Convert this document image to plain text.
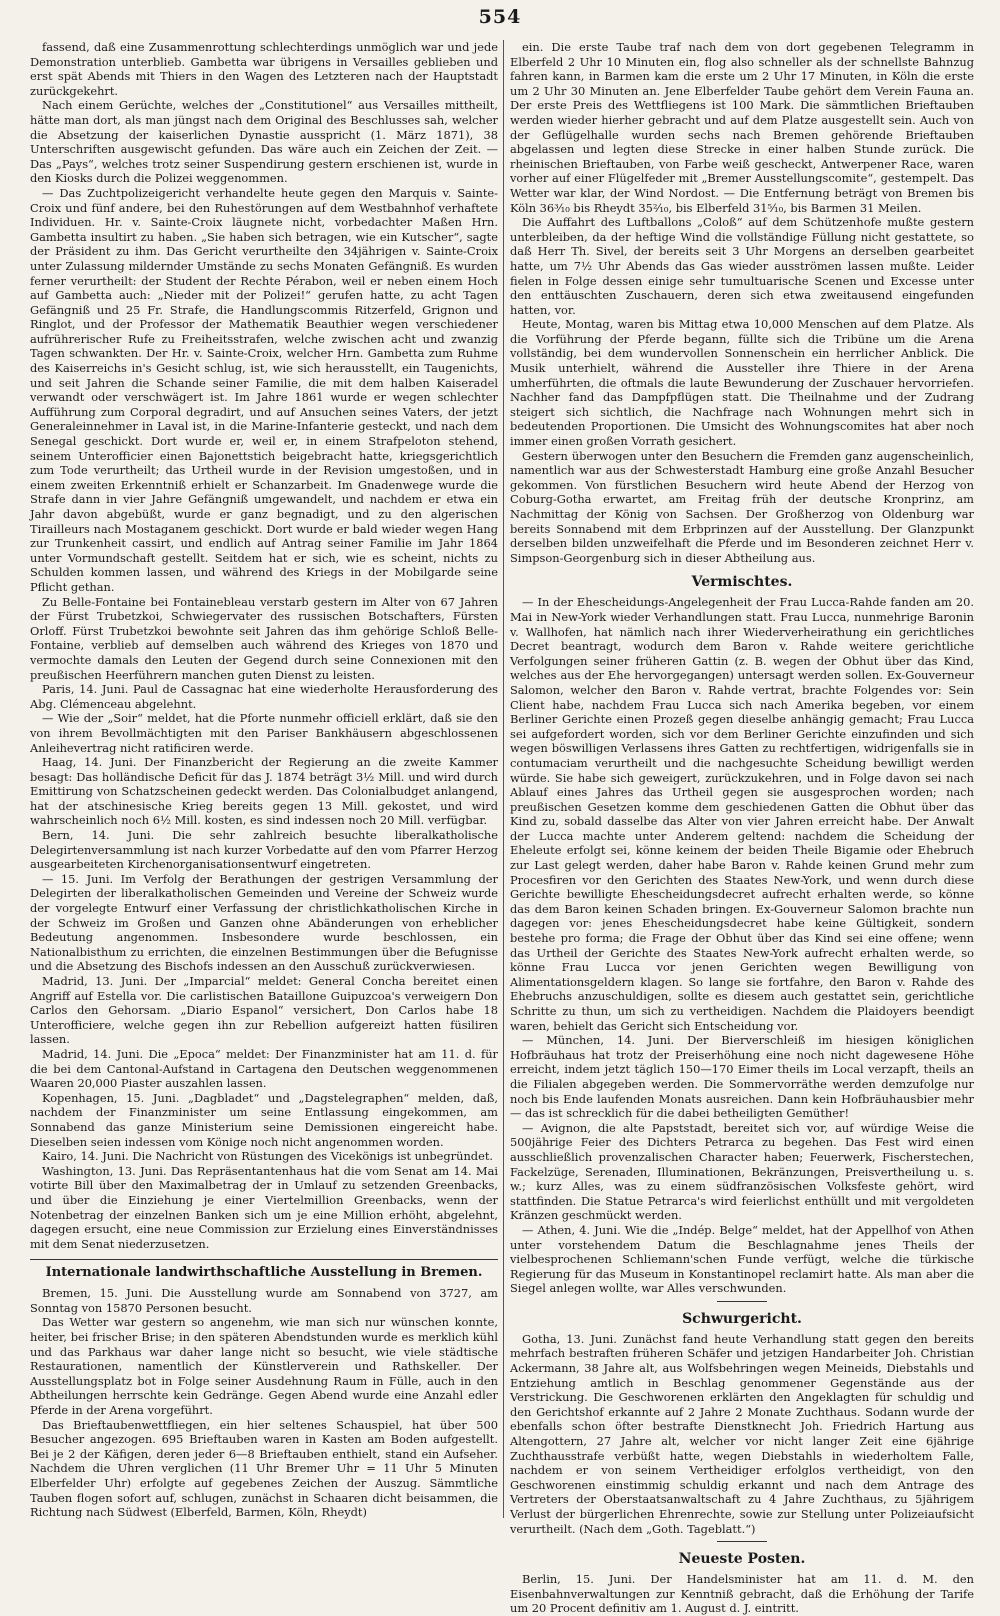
554

fassend, daß eine Zusammenrottung schlechterdings unmöglich war und jede Demonstration unterblieb. Gambetta war übrigens in Versailles geblieben und erst spät Abends mit Thiers in den Wagen des Letzteren nach der Hauptstadt zurückgekehrt.

Nach einem Gerüchte, welches der „Constitutionel“ aus Versailles mittheilt, hätte man dort, als man jüngst nach dem Original des Beschlusses sah, welcher die Absetzung der kaiserlichen Dynastie ausspricht (1. März 1871), 38 Unterschriften ausgewischt gefunden. Das wäre auch ein Zeichen der Zeit. — Das „Pays“, welches trotz seiner Suspendirung gestern erschienen ist, wurde in den Kiosks durch die Polizei weggenommen.

— Das Zuchtpolizeigericht verhandelte heute gegen den Marquis v. Sainte-Croix und fünf andere, bei den Ruhestörungen auf dem Westbahnhof verhaftete Individuen. Hr. v. Sainte-Croix läugnete nicht, vorbedachter Maßen Hrn. Gambetta insultirt zu haben. „Sie haben sich betragen, wie ein Kutscher“, sagte der Präsident zu ihm. Das Gericht verurtheilte den 34jährigen v. Sainte-Croix unter Zulassung mildernder Umstände zu sechs Monaten Gefängniß. Es wurden ferner verurtheilt: der Student der Rechte Pérabon, weil er neben einem Hoch auf Gambetta auch: „Nieder mit der Polizei!“ gerufen hatte, zu acht Tagen Gefängniß und 25 Fr. Strafe, die Handlungscommis Ritzerfeld, Grignon und Ringlot, und der Professor der Mathematik Beauthier wegen verschiedener aufrührerischer Rufe zu Freiheitsstrafen, welche zwischen acht und zwanzig Tagen schwankten. Der Hr. v. Sainte-Croix, welcher Hrn. Gambetta zum Ruhme des Kaiserreichs in's Gesicht schlug, ist, wie sich herausstellt, ein Taugenichts, und seit Jahren die Schande seiner Familie, die mit dem halben Kaiseradel verwandt oder verschwägert ist. Im Jahre 1861 wurde er wegen schlechter Aufführung zum Corporal degradirt, und auf Ansuchen seines Vaters, der jetzt Generaleinnehmer in Laval ist, in die Marine-Infanterie gesteckt, und nach dem Senegal geschickt. Dort wurde er, weil er, in einem Strafpeloton stehend, seinem Unterofficier einen Bajonettstich beigebracht hatte, kriegsgerichtlich zum Tode verurtheilt; das Urtheil wurde in der Revision umgestoßen, und in einem zweiten Erkenntniß erhielt er Schanzarbeit. Im Gnadenwege wurde die Strafe dann in vier Jahre Gefängniß umgewandelt, und nachdem er etwa ein Jahr davon abgebüßt, wurde er ganz begnadigt, und zu den algerischen Tirailleurs nach Mostaganem geschickt. Dort wurde er bald wieder wegen Hang zur Trunkenheit cassirt, und endlich auf Antrag seiner Familie im Jahr 1864 unter Vormundschaft gestellt. Seitdem hat er sich, wie es scheint, nichts zu Schulden kommen lassen, und während des Kriegs in der Mobilgarde seine Pflicht gethan.

Zu Belle-Fontaine bei Fontainebleau verstarb gestern im Alter von 67 Jahren der Fürst Trubetzkoi, Schwiegervater des russischen Botschafters, Fürsten Orloff. Fürst Trubetzkoi bewohnte seit Jahren das ihm gehörige Schloß Belle-Fontaine, verblieb auf demselben auch während des Krieges von 1870 und vermochte damals den Leuten der Gegend durch seine Connexionen mit den preußischen Heerführern manchen guten Dienst zu leisten.

Paris, 14. Juni. Paul de Cassagnac hat eine wiederholte Herausforderung des Abg. Clémenceau abgelehnt.

— Wie der „Soir“ meldet, hat die Pforte nunmehr officiell erklärt, daß sie den von ihrem Bevollmächtigten mit den Pariser Bankhäusern abgeschlossenen Anleihevertrag nicht ratificiren werde.

Haag, 14. Juni. Der Finanzbericht der Regierung an die zweite Kammer besagt: Das holländische Deficit für das J. 1874 beträgt 3½ Mill. und wird durch Emittirung von Schatzscheinen gedeckt werden. Das Colonialbudget anlangend, hat der atschinesische Krieg bereits gegen 13 Mill. gekostet, und wird wahrscheinlich noch 6½ Mill. kosten, es sind indessen noch 20 Mill. verfügbar.

Bern, 14. Juni. Die sehr zahlreich besuchte liberalkatholische Delegirtenversammlung ist nach kurzer Vorbedatte auf den vom Pfarrer Herzog ausgearbeiteten Kirchenorganisationsentwurf eingetreten.

— 15. Juni. Im Verfolg der Berathungen der gestrigen Versammlung der Delegirten der liberalkatholischen Gemeinden und Vereine der Schweiz wurde der vorgelegte Entwurf einer Verfassung der christlichkatholischen Kirche in der Schweiz im Großen und Ganzen ohne Abänderungen von erheblicher Bedeutung angenommen. Insbesondere wurde beschlossen, ein Nationalbisthum zu errichten, die einzelnen Bestimmungen über die Befugnisse und die Absetzung des Bischofs indessen an den Ausschuß zurückverwiesen.

Madrid, 13. Juni. Der „Imparcial“ meldet: General Concha bereitet einen Angriff auf Estella vor. Die carlistischen Bataillone Guipuzcoa's verweigern Don Carlos den Gehorsam. „Diario Espanol“ versichert, Don Carlos habe 18 Unterofficiere, welche gegen ihn zur Rebellion aufgereizt hatten füsiliren lassen.

Madrid, 14. Juni. Die „Epoca“ meldet: Der Finanzminister hat am 11. d. für die bei dem Cantonal-Aufstand in Cartagena den Deutschen weggenommenen Waaren 20,000 Piaster auszahlen lassen.

Kopenhagen, 15. Juni. „Dagbladet“ und „Dagstelegraphen“ melden, daß, nachdem der Finanzminister um seine Entlassung eingekommen, am Sonnabend das ganze Ministerium seine Demissionen eingereicht habe. Dieselben seien indessen vom Könige noch nicht angenommen worden.

Kairo, 14. Juni. Die Nachricht von Rüstungen des Vicekönigs ist unbegründet.

Washington, 13. Juni. Das Repräsentantenhaus hat die vom Senat am 14. Mai votirte Bill über den Maximalbetrag der in Umlauf zu setzenden Greenbacks, und über die Einziehung je einer Viertelmillion Greenbacks, wenn der Notenbetrag der einzelnen Banken sich um je eine Million erhöht, abgelehnt, dagegen ersucht, eine neue Commission zur Erzielung eines Einverständnisses mit dem Senat niederzusetzen.

Internationale landwirthschaftliche Ausstellung in Bremen.

Bremen, 15. Juni. Die Ausstellung wurde am Sonnabend von 3727, am Sonntag von 15870 Personen besucht.

Das Wetter war gestern so angenehm, wie man sich nur wünschen konnte, heiter, bei frischer Brise; in den späteren Abendstunden wurde es merklich kühl und das Parkhaus war daher lange nicht so besucht, wie viele städtische Restaurationen, namentlich der Künstlerverein und Rathskeller. Der Ausstellungsplatz bot in Folge seiner Ausdehnung Raum in Fülle, auch in den Abtheilungen herrschte kein Gedränge. Gegen Abend wurde eine Anzahl edler Pferde in der Arena vorgeführt.

Das Brieftaubenwettfliegen, ein hier seltenes Schauspiel, hat über 500 Besucher angezogen. 695 Brieftauben waren in Kasten am Boden aufgestellt. Bei je 2 der Käfigen, deren jeder 6—8 Brieftauben enthielt, stand ein Aufseher. Nachdem die Uhren verglichen (11 Uhr Bremer Uhr = 11 Uhr 5 Minuten Elberfelder Uhr) erfolgte auf gegebenes Zeichen der Auszug. Sämmtliche Tauben flogen sofort auf, schlugen, zunächst in Schaaren dicht beisammen, die Richtung nach Südwest (Elberfeld, Barmen, Köln, Rheydt)

ein. Die erste Taube traf nach dem von dort gegebenen Telegramm in Elberfeld 2 Uhr 10 Minuten ein, flog also schneller als der schnellste Bahnzug fahren kann, in Barmen kam die erste um 2 Uhr 17 Minuten, in Köln die erste um 2 Uhr 30 Minuten an. Jene Elberfelder Taube gehört dem Verein Fauna an. Der erste Preis des Wettfliegens ist 100 Mark. Die sämmtlichen Brieftauben werden wieder hierher gebracht und auf dem Platze ausgestellt sein. Auch von der Geflügelhalle wurden sechs nach Bremen gehörende Brieftauben abgelassen und legten diese Strecke in einer halben Stunde zurück. Die rheinischen Brieftauben, von Farbe weiß gescheckt, Antwerpener Race, waren vorher auf einer Flügelfeder mit „Bremer Ausstellungscomite“, gestempelt. Das Wetter war klar, der Wind Nordost. — Die Entfernung beträgt von Bremen bis Köln 36³⁄₁₀ bis Rheydt 35²⁄₁₀, bis Elberfeld 31⁵⁄₁₀, bis Barmen 31 Meilen.

Die Auffahrt des Luftballons „Coloß“ auf dem Schützenhofe mußte gestern unterbleiben, da der heftige Wind die vollständige Füllung nicht gestattete, so daß Herr Th. Sivel, der bereits seit 3 Uhr Morgens an derselben gearbeitet hatte, um 7½ Uhr Abends das Gas wieder ausströmen lassen mußte. Leider fielen in Folge dessen einige sehr tumultuarische Scenen und Excesse unter den enttäuschten Zuschauern, deren sich etwa zweitausend eingefunden hatten, vor.

Heute, Montag, waren bis Mittag etwa 10,000 Menschen auf dem Platze. Als die Vorführung der Pferde begann, füllte sich die Tribüne um die Arena vollständig, bei dem wundervollen Sonnenschein ein herrlicher Anblick. Die Musik unterhielt, während die Aussteller ihre Thiere in der Arena umherführten, die oftmals die laute Bewunderung der Zuschauer hervorriefen. Nachher fand das Dampfpflügen statt. Die Theilnahme und der Zudrang steigert sich sichtlich, die Nachfrage nach Wohnungen mehrt sich in bedeutenden Proportionen. Die Umsicht des Wohnungscomites hat aber noch immer einen großen Vorrath gesichert.

Gestern überwogen unter den Besuchern die Fremden ganz augenscheinlich, namentlich war aus der Schwesterstadt Hamburg eine große Anzahl Besucher gekommen. Von fürstlichen Besuchern wird heute Abend der Herzog von Coburg-Gotha erwartet, am Freitag früh der deutsche Kronprinz, am Nachmittag der König von Sachsen. Der Großherzog von Oldenburg war bereits Sonnabend mit dem Erbprinzen auf der Ausstellung. Der Glanzpunkt derselben bilden unzweifelhaft die Pferde und im Besonderen zeichnet Herr v. Simpson-Georgenburg sich in dieser Abtheilung aus.

Vermischtes.

— In der Ehescheidungs-Angelegenheit der Frau Lucca-Rahde fanden am 20. Mai in New-York wieder Verhandlungen statt. Frau Lucca, nunmehrige Baronin v. Wallhofen, hat nämlich nach ihrer Wiederverheirathung ein gerichtliches Decret beantragt, wodurch dem Baron v. Rahde weitere gerichtliche Verfolgungen seiner früheren Gattin (z. B. wegen der Obhut über das Kind, welches aus der Ehe hervorgegangen) untersagt werden sollen. Ex-Gouverneur Salomon, welcher den Baron v. Rahde vertrat, brachte Folgendes vor: Sein Client habe, nachdem Frau Lucca sich nach Amerika begeben, vor einem Berliner Gerichte einen Prozeß gegen dieselbe anhängig gemacht; Frau Lucca sei aufgefordert worden, sich vor dem Berliner Gerichte einzufinden und sich wegen böswilligen Verlassens ihres Gatten zu rechtfertigen, widrigenfalls sie in contumaciam verurtheilt und die nachgesuchte Scheidung bewilligt werden würde. Sie habe sich geweigert, zurückzukehren, und in Folge davon sei nach Ablauf eines Jahres das Urtheil gegen sie ausgesprochen worden; nach preußischen Gesetzen komme dem geschiedenen Gatten die Obhut über das Kind zu, sobald dasselbe das Alter von vier Jahren erreicht habe. Der Anwalt der Lucca machte unter Anderem geltend: nachdem die Scheidung der Eheleute erfolgt sei, könne keinem der beiden Theile Bigamie oder Ehebruch zur Last gelegt werden, daher habe Baron v. Rahde keinen Grund mehr zum Procesfiren vor den Gerichten des Staates New-York, und wenn durch diese Gerichte bewilligte Ehescheidungsdecret aufrecht erhalten werde, so könne das dem Baron keinen Schaden bringen. Ex-Gouverneur Salomon brachte nun dagegen vor: jenes Ehescheidungsdecret habe keine Gültigkeit, sondern bestehe pro forma; die Frage der Obhut über das Kind sei eine offene; wenn das Urtheil der Gerichte des Staates New-York aufrecht erhalten werde, so könne Frau Lucca vor jenen Gerichten wegen Bewilligung von Alimentationsgeldern klagen. So lange sie fortfahre, den Baron v. Rahde des Ehebruchs anzuschuldigen, sollte es diesem auch gestattet sein, gerichtliche Schritte zu thun, um sich zu vertheidigen. Nachdem die Plaidoyers beendigt waren, behielt das Gericht sich Entscheidung vor.

— München, 14. Juni. Der Bierverschleiß im hiesigen königlichen Hofbräuhaus hat trotz der Preiserhöhung eine noch nicht dagewesene Höhe erreicht, indem jetzt täglich 150—170 Eimer theils im Local verzapft, theils an die Filialen abgegeben werden. Die Sommervorräthe werden demzufolge nur noch bis Ende laufenden Monats ausreichen. Dann kein Hofbräuhausbier mehr — das ist schrecklich für die dabei betheiligten Gemüther!

— Avignon, die alte Papststadt, bereitet sich vor, auf würdige Weise die 500jährige Feier des Dichters Petrarca zu begehen. Das Fest wird einen ausschließlich provenzalischen Character haben; Feuerwerk, Fischerstechen, Fackelzüge, Serenaden, Illuminationen, Bekränzungen, Preisvertheilung u. s. w.; kurz Alles, was zu einem südfranzösischen Volksfeste gehört, wird stattfinden. Die Statue Petrarca's wird feierlichst enthüllt und mit vergoldeten Kränzen geschmückt werden.

— Athen, 4. Juni. Wie die „Indép. Belge“ meldet, hat der Appellhof von Athen unter vorstehendem Datum die Beschlagnahme jenes Theils der vielbesprochenen Schliemann'schen Funde verfügt, welche die türkische Regierung für das Museum in Konstantinopel reclamirt hatte. Als man aber die Siegel anlegen wollte, war Alles verschwunden.

Schwurgericht.

Gotha, 13. Juni. Zunächst fand heute Verhandlung statt gegen den bereits mehrfach bestraften früheren Schäfer und jetzigen Handarbeiter Joh. Christian Ackermann, 38 Jahre alt, aus Wolfsbehringen wegen Meineids, Diebstahls und Entziehung amtlich in Beschlag genommener Gegenstände aus der Verstrickung. Die Geschworenen erklärten den Angeklagten für schuldig und den Gerichtshof erkannte auf 2 Jahre 2 Monate Zuchthaus. Sodann wurde der ebenfalls schon öfter bestrafte Dienstknecht Joh. Friedrich Hartung aus Altengottern, 27 Jahre alt, welcher vor nicht langer Zeit eine 6jährige Zuchthausstrafe verbüßt hatte, wegen Diebstahls in wiederholtem Falle, nachdem er von seinem Vertheidiger erfolglos vertheidigt, von den Geschworenen einstimmig schuldig erkannt und nach dem Antrage des Vertreters der Oberstaatsanwaltschaft zu 4 Jahre Zuchthaus, zu 5jährigem Verlust der bürgerlichen Ehrenrechte, sowie zur Stellung unter Polizeiaufsicht verurtheilt. (Nach dem „Goth. Tageblatt.“)

Neueste Posten.

Berlin, 15. Juni. Der Handelsminister hat am 11. d. M. den Eisenbahnverwaltungen zur Kenntniß gebracht, daß die Erhöhung der Tarife um 20 Procent definitiv am 1. August d. J. eintritt.
